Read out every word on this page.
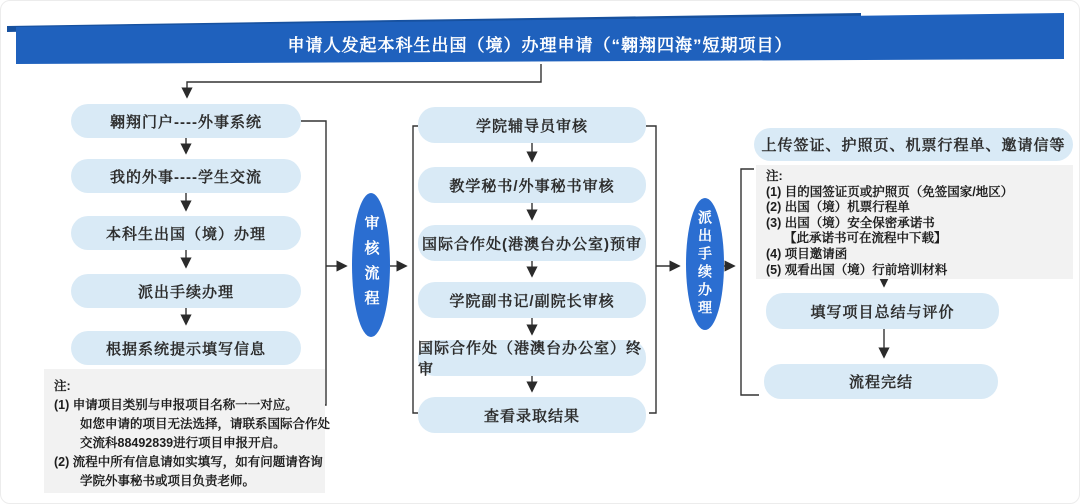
申请人发起本科生出国（境）办理申请（“翱翔四海”短期项目）
翱翔门户----外事系统
我的外事----学生交流
本科生出国（境）办理
派出手续办理
根据系统提示填写信息
注:
(1) 申请项目类别与申报项目名称一一对应。
如您申请的项目无法选择，请联系国际合作处
交流科88492839进行项目申报开启。
(2) 流程中所有信息请如实填写，如有问题请咨询
学院外事秘书或项目负责老师。
审核流程
学院辅导员审核
教学秘书/外事秘书审核
国际合作处(港澳台办公室)预审
学院副书记/副院长审核
国际合作处（港澳台办公室）终审
查看录取结果
派出手续办理
上传签证、护照页、机票行程单、邀请信等
注:
(1) 目的国签证页或护照页（免签国家/地区）
(2) 出国（境）机票行程单
(3) 出国（境）安全保密承诺书
【此承诺书可在流程中下载】
(4) 项目邀请函
(5) 观看出国（境）行前培训材料
填写项目总结与评价
流程完结
